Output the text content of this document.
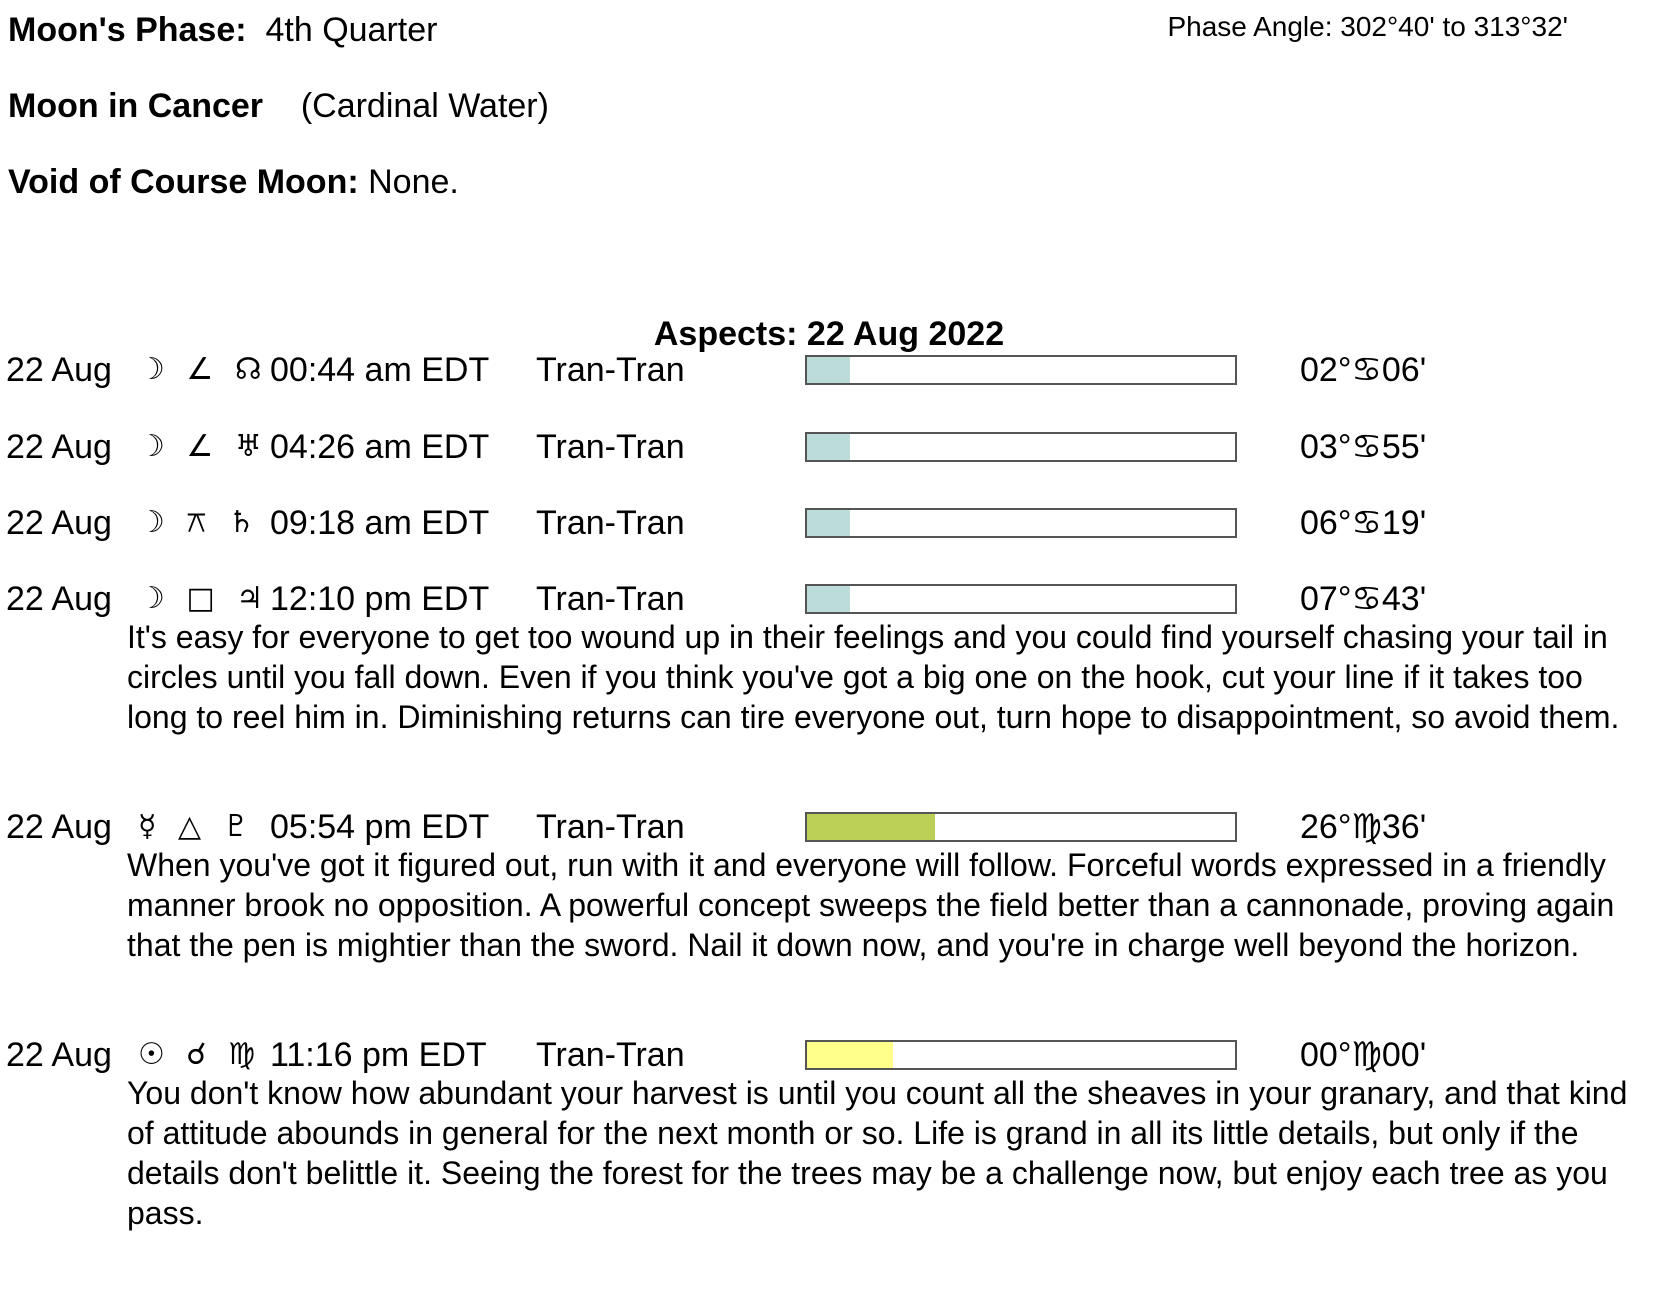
Moon's Phase: 4th Quarter	Phase Angle: 302°40' to 313°32'
Moon in Cancer (Cardinal Water)
Void of Course Moon: None.
Aspects: 22 Aug 2022
22 Aug ☽ ∠ ☊ 00:44 am EDT Tran-Tran	02°♋06'
22 Aug ☽ ∠ ♅ 04:26 am EDT Tran-Tran	03°♋55'
22 Aug ☽ ⚻ ♄ 09:18 am EDT Tran-Tran	06°♋19'
22 Aug ☽ □ ♃ 12:10 pm EDT Tran-Tran	07°♋43'
It's easy for everyone to get too wound up in their feelings and you could find yourself chasing your tail in circles until you fall down. Even if you think you've got a big one on the hook, cut your line if it takes too long to reel him in. Diminishing returns can tire everyone out, turn hope to disappointment, so avoid them.
22 Aug ☿ △ ♇ 05:54 pm EDT Tran-Tran	26°♍36'
When you've got it figured out, run with it and everyone will follow. Forceful words expressed in a friendly manner brook no opposition. A powerful concept sweeps the field better than a cannonade, proving again that the pen is mightier than the sword. Nail it down now, and you're in charge well beyond the horizon.
22 Aug ☉ ☌ ♍ 11:16 pm EDT Tran-Tran	00°♍00'
You don't know how abundant your harvest is until you count all the sheaves in your granary, and that kind of attitude abounds in general for the next month or so. Life is grand in all its little details, but only if the details don't belittle it. Seeing the forest for the trees may be a challenge now, but enjoy each tree as you pass.
